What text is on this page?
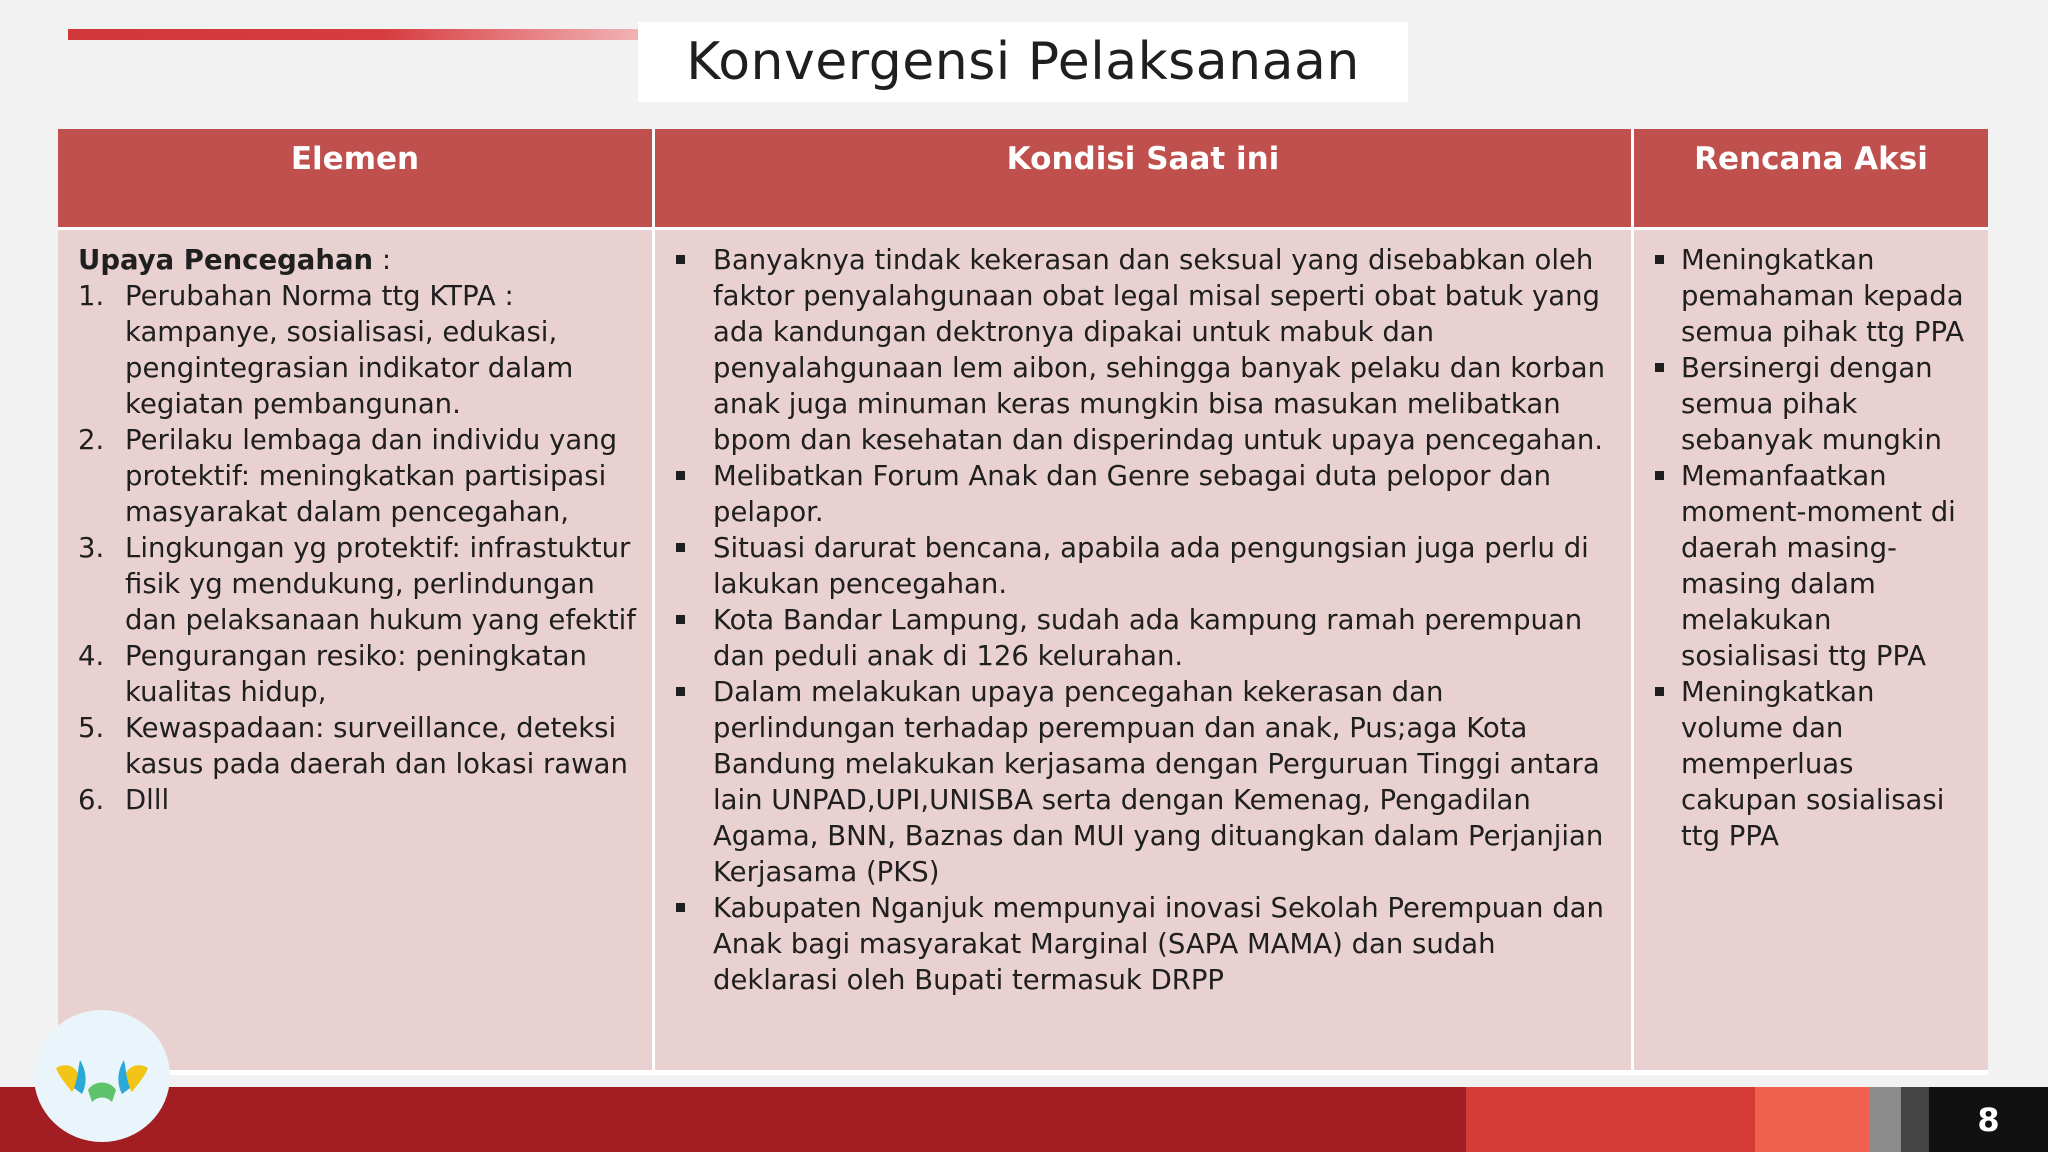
Konvergensi Pelaksanaan
Elemen	Kondisi Saat ini	Rencana Aksi

Upaya Pencegahan :

1. Perubahan Norma ttg KTPA : kampanye, sosialisasi, edukasi, pengintegrasian indikator dalam kegiatan pembangunan.
2. Perilaku lembaga dan individu yang protektif: meningkatkan partisipasi masyarakat dalam pencegahan,
3. Lingkungan yg protektif: infrastuktur fisik yg mendukung, perlindungan dan pelaksanaan hukum yang efektif
4. Pengurangan resiko: peningkatan kualitas hidup,
5. Kewaspadaan: surveillance, deteksi kasus pada daerah dan lokasi rawan
6. Dlll
Banyaknya tindak kekerasan dan seksual yang disebabkan oleh faktor penyalahgunaan obat legal misal seperti obat batuk yang ada kandungan dektronya dipakai untuk mabuk dan penyalahgunaan lem aibon, sehingga banyak pelaku dan korban anak juga minuman keras mungkin bisa masukan melibatkan bpom dan kesehatan dan disperindag untuk upaya pencegahan.
Melibatkan Forum Anak dan Genre sebagai duta pelopor dan pelapor.
Situasi darurat bencana, apabila ada pengungsian juga perlu di lakukan pencegahan.
Kota Bandar Lampung, sudah ada kampung ramah perempuan dan peduli anak di 126 kelurahan.
Dalam melakukan upaya pencegahan kekerasan dan perlindungan terhadap perempuan dan anak, Pus;aga Kota Bandung melakukan kerjasama dengan Perguruan Tinggi antara lain UNPAD,UPI,UNISBA serta dengan Kemenag, Pengadilan Agama, BNN, Baznas dan MUI yang dituangkan dalam Perjanjian Kerjasama (PKS)
Kabupaten Nganjuk mempunyai inovasi Sekolah Perempuan dan Anak bagi masyarakat Marginal (SAPA MAMA) dan sudah deklarasi oleh Bupati termasuk DRPP
Meningkatkan pemahaman kepada semua pihak ttg PPA
Bersinergi dengan semua pihak sebanyak mungkin
Memanfaatkan moment-moment di daerah masing-masing dalam melakukan sosialisasi ttg PPA
Meningkatkan volume dan memperluas cakupan sosialisasi ttg PPA
8
